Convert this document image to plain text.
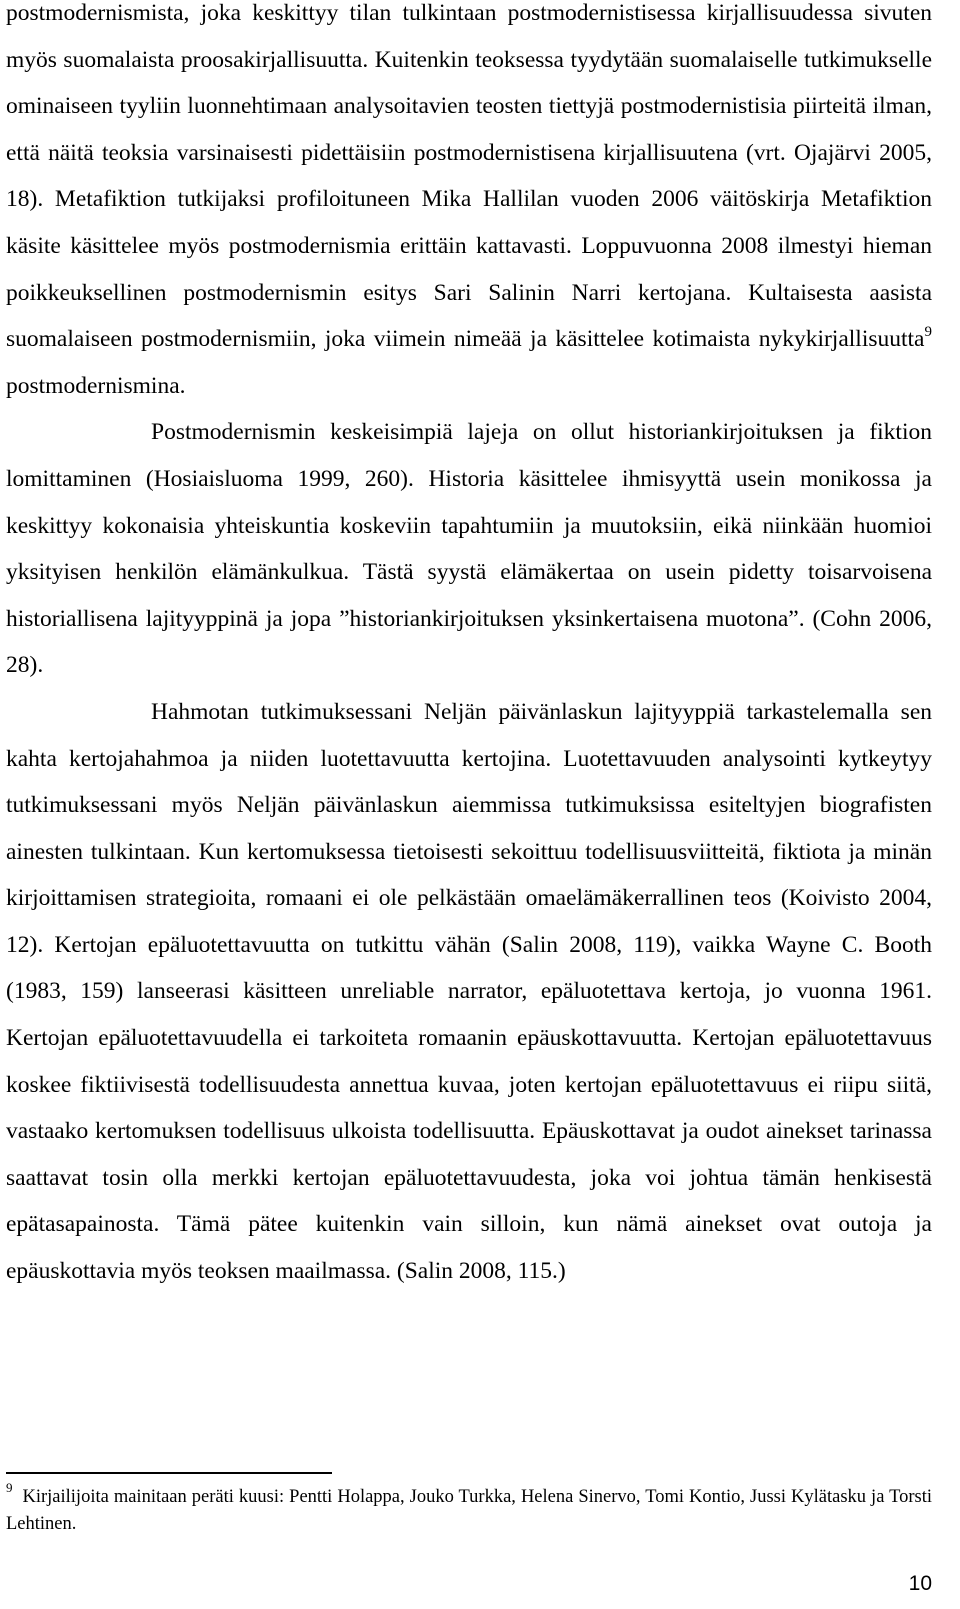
postmodernismista, joka keskittyy tilan tulkintaan postmodernistisessa kirjallisuudessa sivuten myös suomalaista proosakirjallisuutta. Kuitenkin teoksessa tyydytään suomalaiselle tutkimukselle ominaiseen tyyliin luonnehtimaan analysoitavien teosten tiettyjä postmodernistisia piirteitä ilman, että näitä teoksia varsinaisesti pidettäisiin postmodernistisena kirjallisuutena (vrt. Ojajärvi 2005, 18). Metafiktion tutkijaksi profiloituneen Mika Hallilan vuoden 2006 väitöskirja Metafiktion käsite käsittelee myös postmodernismia erittäin kattavasti. Loppuvuonna 2008 ilmestyi hieman poikkeuksellinen postmodernismin esitys Sari Salinin Narri kertojana. Kultaisesta aasista suomalaiseen postmodernismiin, joka viimein nimeää ja käsittelee kotimaista nykykirjallisuutta$^9$ postmodernismina.

Postmodernismin keskeisimpiä lajeja on ollut historiankirjoituksen ja fiktion lomittaminen (Hosiaisluoma 1999, 260). Historia käsittelee ihmisyyttä usein monikossa ja keskittyy kokonaisia yhteiskuntia koskeviin tapahtumiin ja muutoksiin, eikä niinkään huomioi yksityisen henkilön elämänkulkua. Tästä syystä elämäkertaa on usein pidetty toisarvoisena historiallisena lajityyppinä ja jopa ”historiankirjoituksen yksinkertaisena muotona”. (Cohn 2006, 28).

Hahmotan tutkimuksessani Neljän päivänlaskun lajityyppiä tarkastelemalla sen kahta kertojahahmoa ja niiden luotettavuutta kertojina. Luotettavuuden analysointi kytkeytyy tutkimuksessani myös Neljän päivänlaskun aiemmissa tutkimuksissa esiteltyjen biografisten ainesten tulkintaan. Kun kertomuksessa tietoisesti sekoittuu todellisuusviitteitä, fiktiota ja minän kirjoittamisen strategioita, romaani ei ole pelkästään omaelämäkerrallinen teos (Koivisto 2004, 12). Kertojan epäluotettavuutta on tutkittu vähän (Salin 2008, 119), vaikka Wayne C. Booth (1983, 159) lanseerasi käsitteen unreliable narrator, epäluotettava kertoja, jo vuonna 1961. Kertojan epäluotettavuudella ei tarkoiteta romaanin epäuskottavuutta. Kertojan epäluotettavuus koskee fiktiivisestä todellisuudesta annettua kuvaa, joten kertojan epäluotettavuus ei riipu siitä, vastaako kertomuksen todellisuus ulkoista todellisuutta. Epäuskottavat ja oudot ainekset tarinassa saattavat tosin olla merkki kertojan epäluotettavuudesta, joka voi johtua tämän henkisestä epätasapainosta. Tämä pätee kuitenkin vain silloin, kun nämä ainekset ovat outoja ja epäuskottavia myös teoksen maailmassa. (Salin 2008, 115.)

$^9$ Kirjailijoita mainitaan peräti kuusi: Pentti Holappa, Jouko Turkka, Helena Sinervo, Tomi Kontio, Jussi Kylätasku ja Torsti Lehtinen.
10
